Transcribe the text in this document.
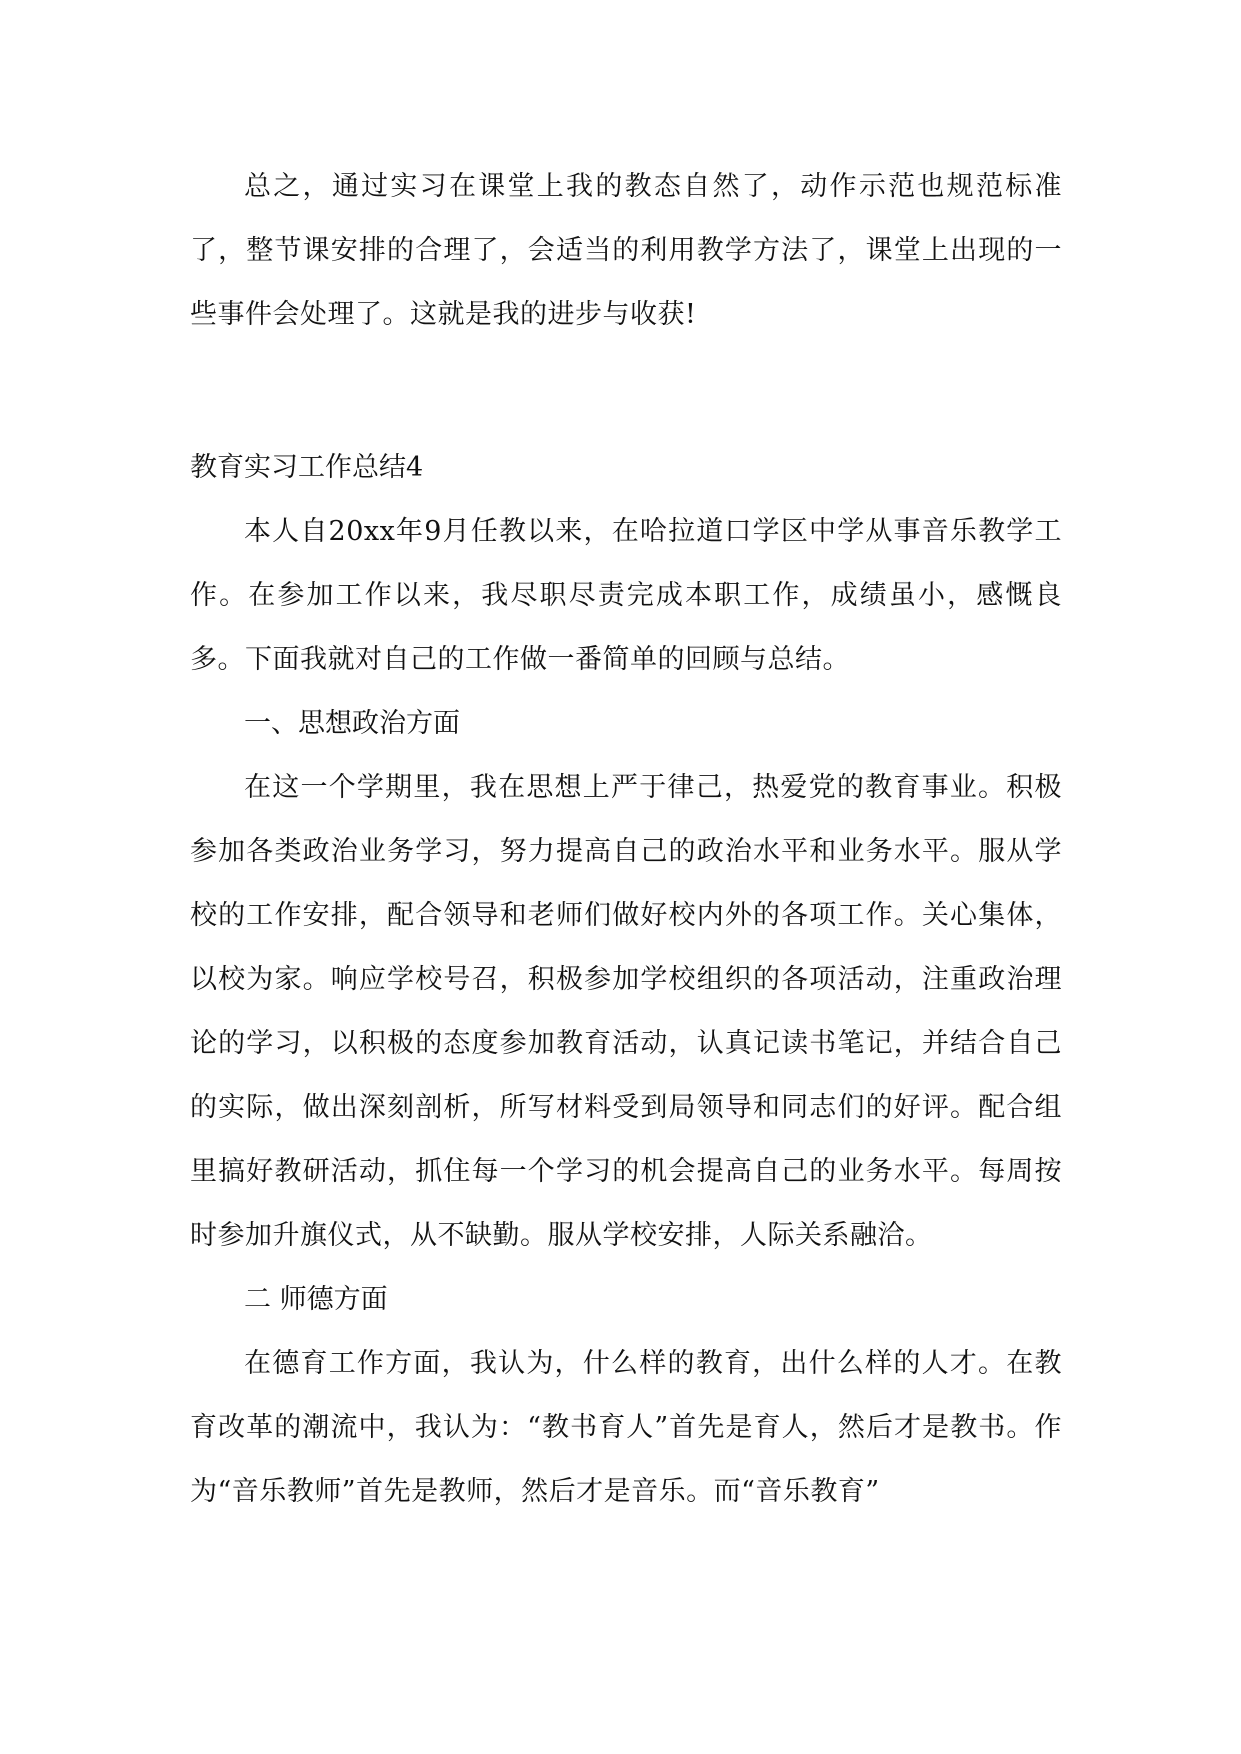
总之，通过实习在课堂上我的教态自然了，动作示范也规范标准了，整节课安排的合理了，会适当的利用教学方法了，课堂上出现的一些事件会处理了。这就是我的进步与收获!

教育实习工作总结4

本人自20xx年9月任教以来，在哈拉道口学区中学从事音乐教学工作。在参加工作以来，我尽职尽责完成本职工作，成绩虽小，感慨良多。下面我就对自己的工作做一番简单的回顾与总结。

一、思想政治方面

在这一个学期里，我在思想上严于律己，热爱党的教育事业。积极参加各类政治业务学习，努力提高自己的政治水平和业务水平。服从学校的工作安排，配合领导和老师们做好校内外的各项工作。关心集体，以校为家。响应学校号召，积极参加学校组织的各项活动，注重政治理论的学习，以积极的态度参加教育活动，认真记读书笔记，并结合自己的实际，做出深刻剖析，所写材料受到局领导和同志们的好评。配合组里搞好教研活动，抓住每一个学习的机会提高自己的业务水平。每周按时参加升旗仪式，从不缺勤。服从学校安排，人际关系融洽。

二 师德方面

在德育工作方面，我认为，什么样的教育，出什么样的人才。在教育改革的潮流中，我认为：“教书育人”首先是育人，然后才是教书。作为“音乐教师”首先是教师，然后才是音乐。而“音乐教育”
